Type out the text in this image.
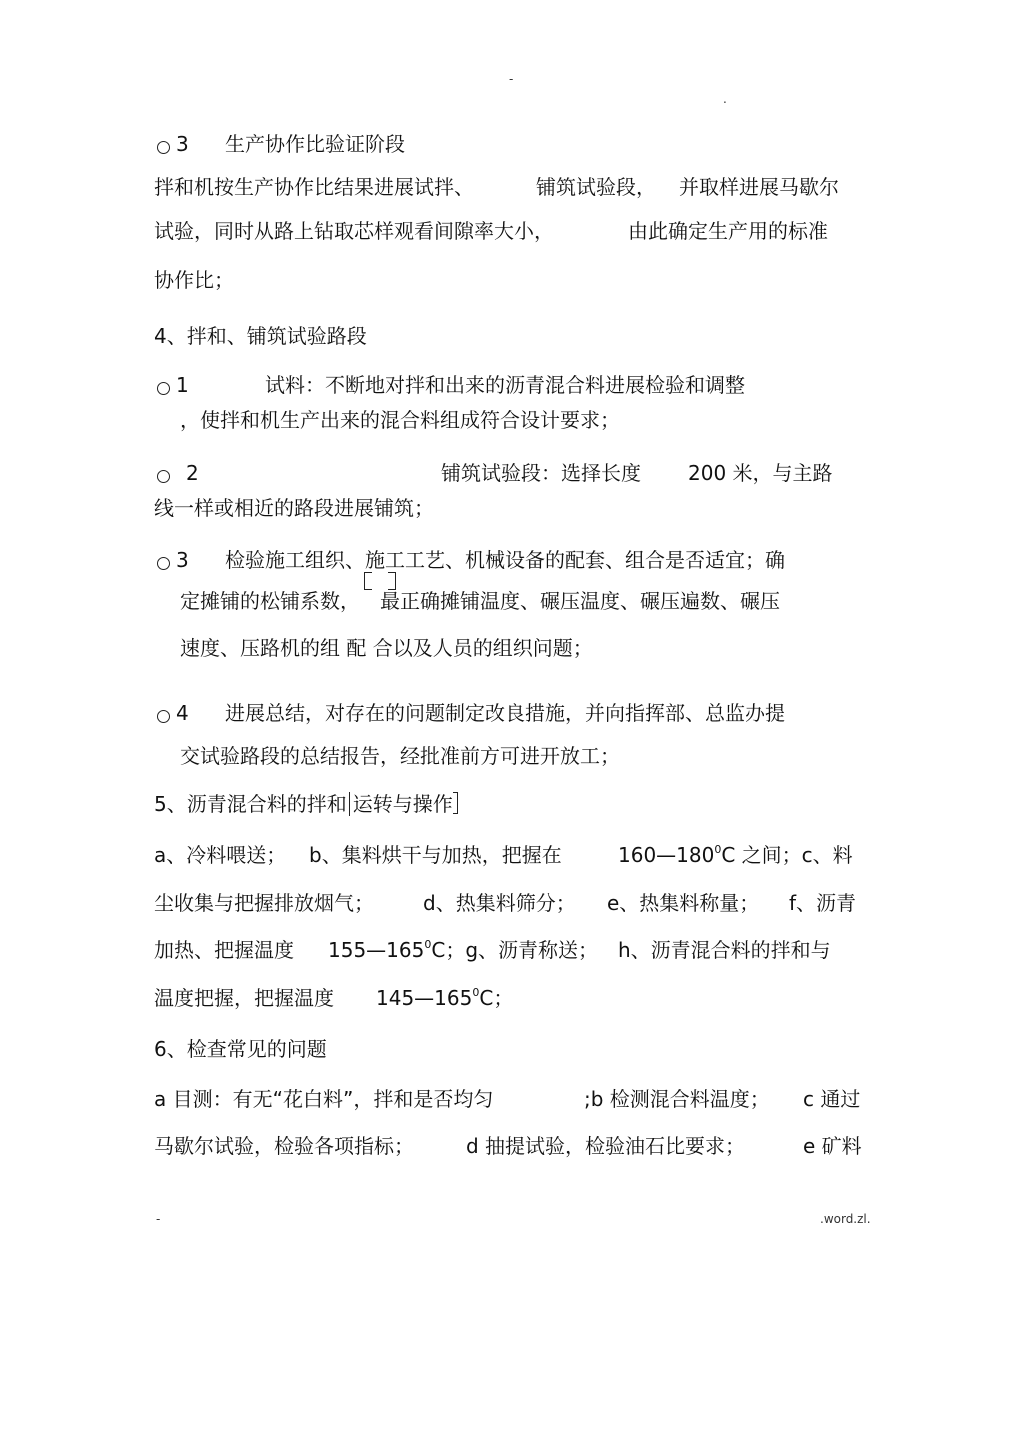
-
.
3 生产协作比验证阶段
拌和机按生产协作比结果进展试拌、	铺筑试验段， 并取样进展马歇尔
试验，同时从路上钻取芯样观看间隙率大小，	由此确定生产用的标准
协作比；
4、拌和、铺筑试验路段
1	试料：不断地对拌和出来的沥青混合料进展检验和调整
，使拌和机生产出来的混合料组成符合设计要求；
2	铺筑试验段：选择长度 200 米，与主路
线一样或相近的路段进展铺筑；
3 检验施工组织、施工工艺、机械设备的配套、组合是否适宜；确
定摊铺的松铺系数， 最正确摊铺温度、碾压温度、碾压遍数、碾压
速度、压路机的组 配 合以及人员的组织问题；
4 进展总结，对存在的问题制定改良措施，并向指挥部、总监办提
交试验路段的总结报告，经批准前方可进开放工；
5、沥青混合料的拌和 运转与操作
a、冷料喂送； b、集料烘干与加热，把握在	$160—180^0C$ 之间；c、料
尘收集与把握排放烟气； d、热集料筛分； e、热集料称量； f、沥青
加热、把握温度 $155—165^0C$；g、沥青称送； h、沥青混合料的拌和与
温度把握，把握温度 $145—165^0C$；
6、检查常见的问题
a 目测：有无“花白料”，拌和是否均匀	;b 检测混合料温度； c 通过
马歇尔试验，检验各项指标；	d 抽提试验，检验油石比要求；	e 矿料
-	.word.zl.
